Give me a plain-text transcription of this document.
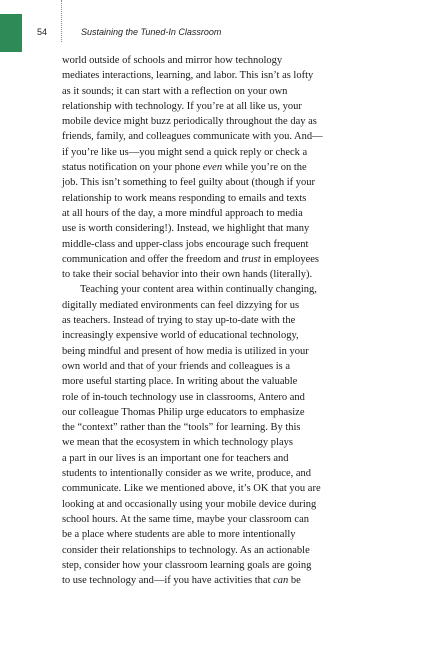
54	Sustaining the Tuned-In Classroom
world outside of schools and mirror how technology
mediates interactions, learning, and labor. This isn’t as lofty
as it sounds; it can start with a reflection on your own
relationship with technology. If you’re at all like us, your
mobile device might buzz periodically throughout the day as
friends, family, and colleagues communicate with you. And—
if you’re like us—you might send a quick reply or check a
status notification on your phone even while you’re on the
job. This isn’t something to feel guilty about (though if your
relationship to work means responding to emails and texts
at all hours of the day, a more mindful approach to media
use is worth considering!). Instead, we highlight that many
middle-class and upper-class jobs encourage such frequent
communication and offer the freedom and trust in employees
to take their social behavior into their own hands (literally).
Teaching your content area within continually changing,
digitally mediated environments can feel dizzying for us
as teachers. Instead of trying to stay up-to-date with the
increasingly expensive world of educational technology,
being mindful and present of how media is utilized in your
own world and that of your friends and colleagues is a
more useful starting place. In writing about the valuable
role of in-touch technology use in classrooms, Antero and
our colleague Thomas Philip urge educators to emphasize
the “context” rather than the “tools” for learning. By this
we mean that the ecosystem in which technology plays
a part in our lives is an important one for teachers and
students to intentionally consider as we write, produce, and
communicate. Like we mentioned above, it’s OK that you are
looking at and occasionally using your mobile device during
school hours. At the same time, maybe your classroom can
be a place where students are able to more intentionally
consider their relationships to technology. As an actionable
step, consider how your classroom learning goals are going
to use technology and—if you have activities that can be
